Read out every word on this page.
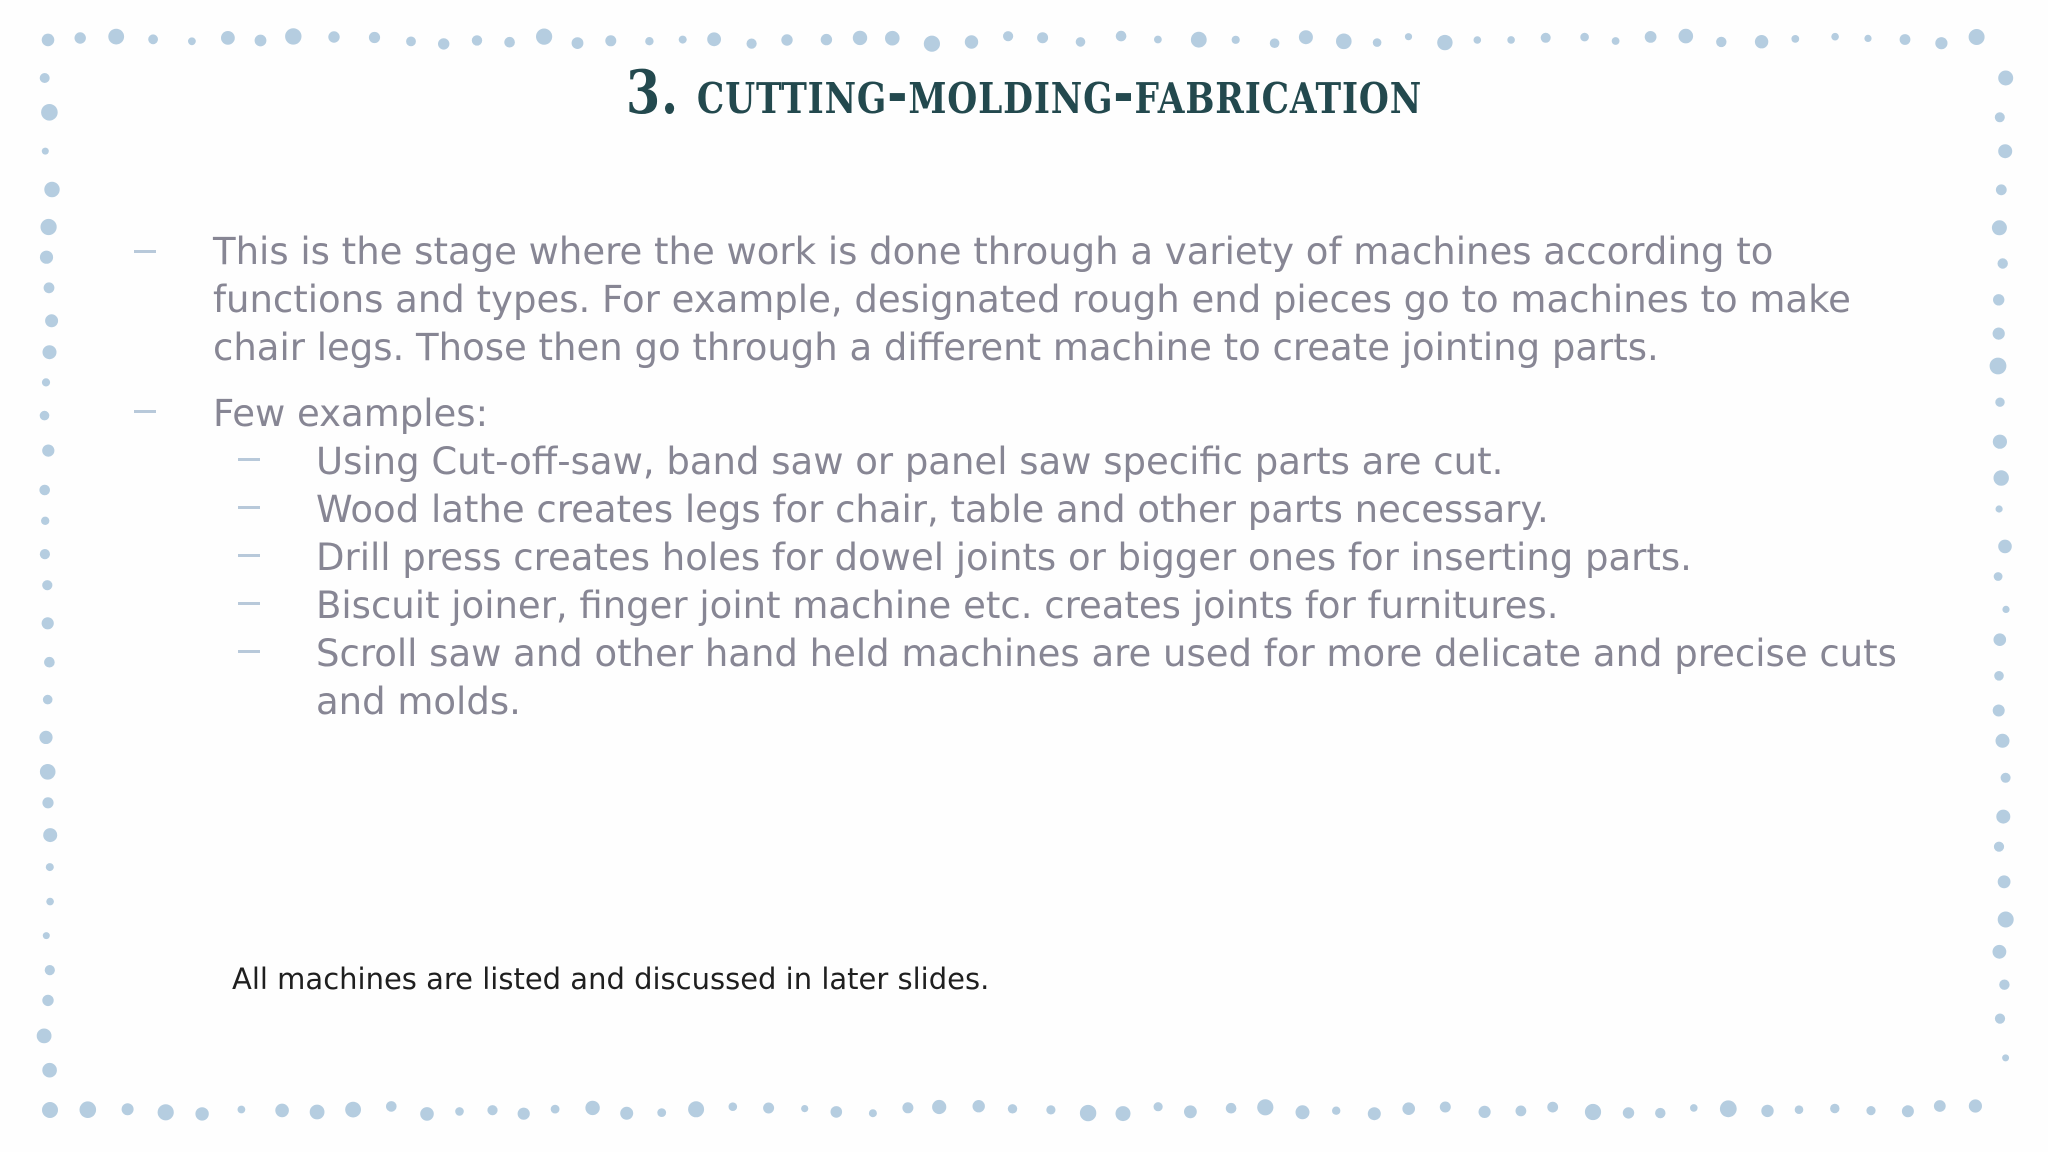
3. cutting-molding-fabrication
This is the stage where the work is done through a variety of machines according to functions and types. For example, designated rough end pieces go to machines to make chair legs. Those then go through a different machine to create jointing parts.
Few examples:
Using Cut-off-saw, band saw or panel saw specific parts are cut.
Wood lathe creates legs for chair, table and other parts necessary.
Drill press creates holes for dowel joints or bigger ones for inserting parts.
Biscuit joiner, finger joint machine etc. creates joints for furnitures.
Scroll saw and other hand held machines are used for more delicate and precise cuts and molds.
All machines are listed and discussed in later slides.
